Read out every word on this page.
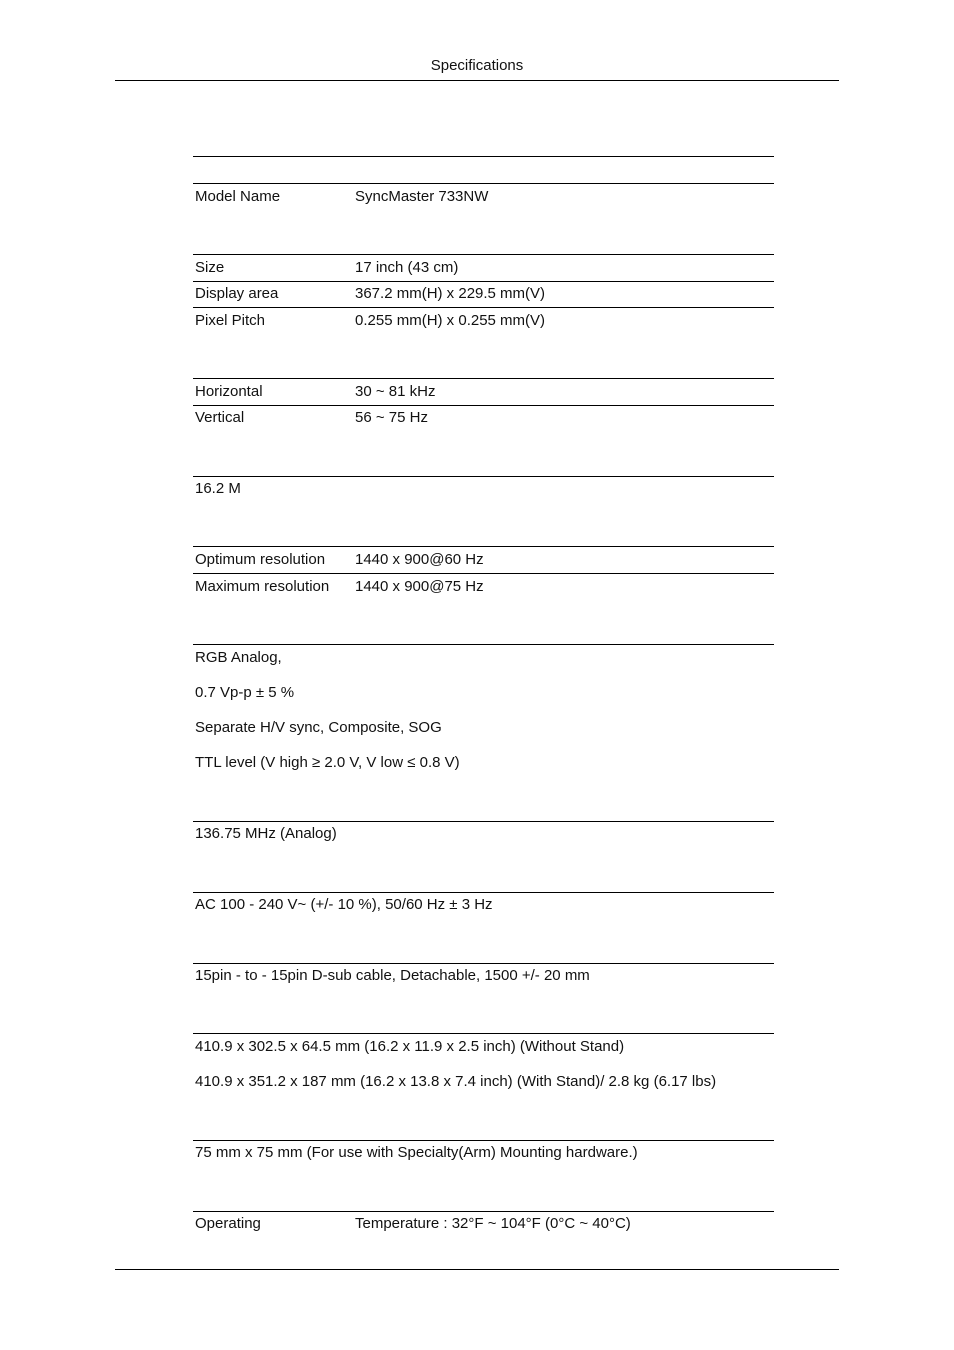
Specifications
Model Name	SyncMaster 733NW
Size	17 inch (43 cm)
Display area	367.2 mm(H) x 229.5 mm(V)
Pixel Pitch	0.255 mm(H) x 0.255 mm(V)
Horizontal	30 ~ 81 kHz
Vertical	56 ~ 75 Hz
16.2 M
Optimum resolution 1440 x 900@60 Hz
Maximum resolution 1440 x 900@75 Hz
RGB Analog,
0.7 Vp-p ± 5 %
Separate H/V sync, Composite, SOG
TTL level (V high ≥ 2.0 V, V low ≤ 0.8 V)
136.75 MHz (Analog)
AC 100 - 240 V~ (+/- 10 %), 50/60 Hz ± 3 Hz
15pin - to - 15pin D-sub cable, Detachable, 1500 +/- 20 mm
410.9 x 302.5 x 64.5 mm (16.2 x 11.9 x 2.5 inch) (Without Stand)
410.9 x 351.2 x 187 mm (16.2 x 13.8 x 7.4 inch) (With Stand)/ 2.8 kg (6.17 lbs)
75 mm x 75 mm (For use with Specialty(Arm) Mounting hardware.)
Operating	Temperature : 32°F ~ 104°F (0°C ~ 40°C)
